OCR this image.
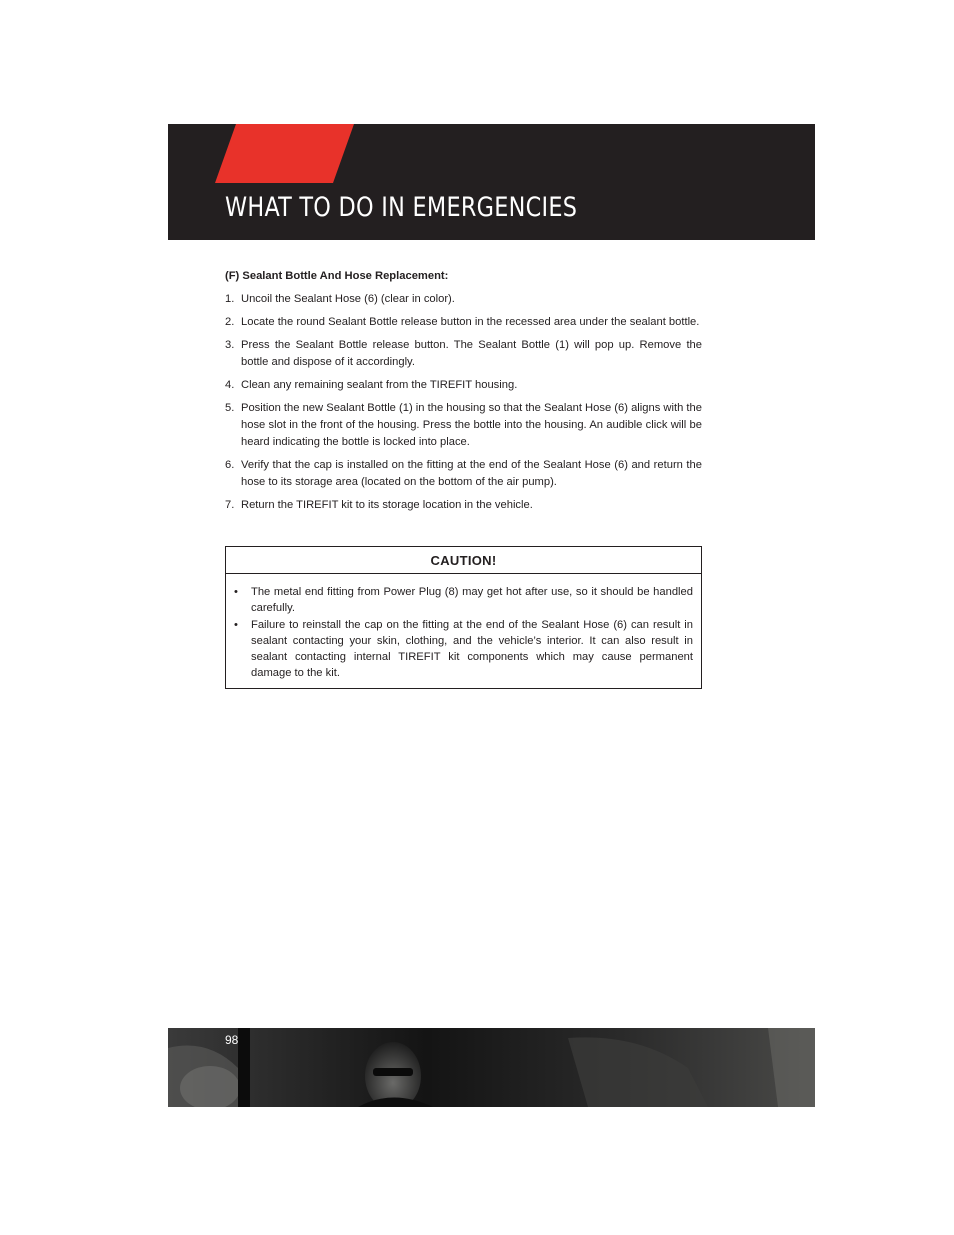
WHAT TO DO IN EMERGENCIES
(F) Sealant Bottle And Hose Replacement:
1. Uncoil the Sealant Hose (6) (clear in color).
2. Locate the round Sealant Bottle release button in the recessed area under the sealant bottle.
3. Press the Sealant Bottle release button. The Sealant Bottle (1) will pop up. Remove the bottle and dispose of it accordingly.
4. Clean any remaining sealant from the TIREFIT housing.
5. Position the new Sealant Bottle (1) in the housing so that the Sealant Hose (6) aligns with the hose slot in the front of the housing. Press the bottle into the housing. An audible click will be heard indicating the bottle is locked into place.
6. Verify that the cap is installed on the fitting at the end of the Sealant Hose (6) and return the hose to its storage area (located on the bottom of the air pump).
7. Return the TIREFIT kit to its storage location in the vehicle.
CAUTION!
• The metal end fitting from Power Plug (8) may get hot after use, so it should be handled carefully.
• Failure to reinstall the cap on the fitting at the end of the Sealant Hose (6) can result in sealant contacting your skin, clothing, and the vehicle’s interior. It can also result in sealant contacting internal TIREFIT kit components which may cause permanent damage to the kit.
98
